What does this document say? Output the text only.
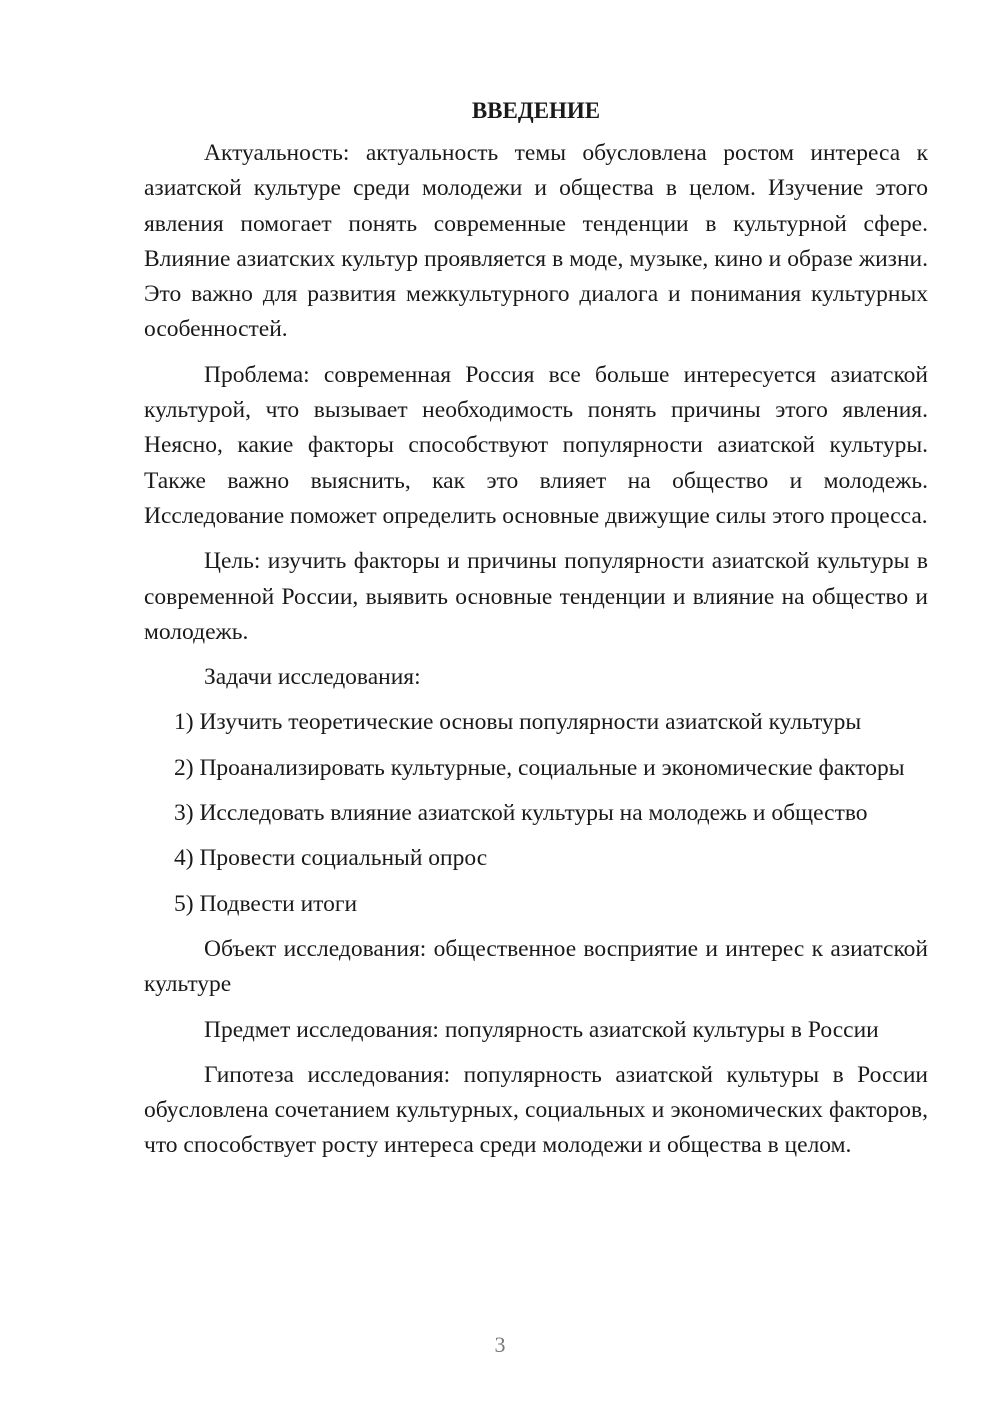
ВВЕДЕНИЕ

Актуальность: актуальность темы обусловлена ростом интереса к азиатской культуре среди молодежи и общества в целом. Изучение этого явления помогает понять современные тенденции в культурной сфере. Влияние азиатских культур проявляется в моде, музыке, кино и образе жизни. Это важно для развития межкультурного диалога и понимания культурных особенностей.

Проблема: современная Россия все больше интересуется азиатской культурой, что вызывает необходимость понять причины этого явления. Неясно, какие факторы способствуют популярности азиатской культуры. Также важно выяснить, как это влияет на общество и молодежь. Исследование поможет определить основные движущие силы этого процесса.

Цель: изучить факторы и причины популярности азиатской культуры в современной России, выявить основные тенденции и влияние на общество и молодежь.

Задачи исследования:

1) Изучить теоретические основы популярности азиатской культуры

2) Проанализировать культурные, социальные и экономические факторы

3) Исследовать влияние азиатской культуры на молодежь и общество

4) Провести социальный опрос

5) Подвести итоги

Объект исследования: общественное восприятие и интерес к азиатской культуре

Предмет исследования: популярность азиатской культуры в России

Гипотеза исследования: популярность азиатской культуры в России обусловлена сочетанием культурных, социальных и экономических факторов, что способствует росту интереса среди молодежи и общества в целом.

3
